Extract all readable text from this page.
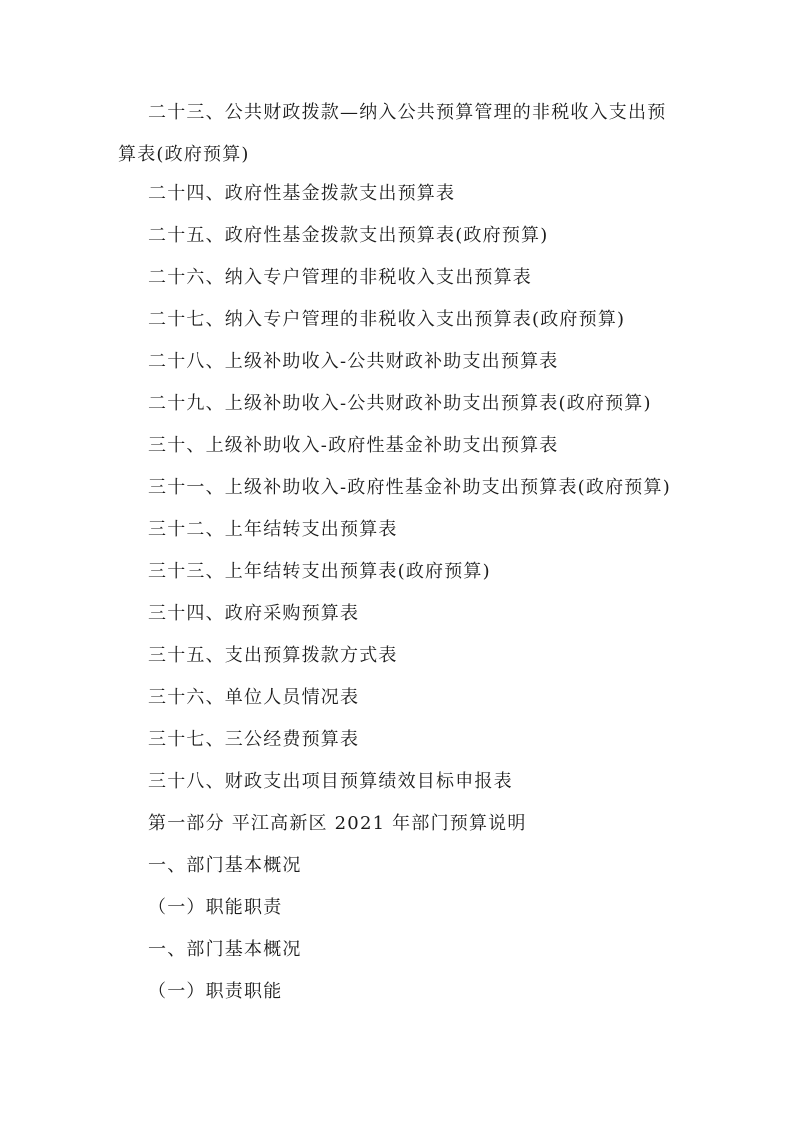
二十三、公共财政拨款—纳入公共预算管理的非税收入支出预算表(政府预算)
二十四、政府性基金拨款支出预算表
二十五、政府性基金拨款支出预算表(政府预算)
二十六、纳入专户管理的非税收入支出预算表
二十七、纳入专户管理的非税收入支出预算表(政府预算)
二十八、上级补助收入-公共财政补助支出预算表
二十九、上级补助收入-公共财政补助支出预算表(政府预算)
三十、上级补助收入-政府性基金补助支出预算表
三十一、上级补助收入-政府性基金补助支出预算表(政府预算)
三十二、上年结转支出预算表
三十三、上年结转支出预算表(政府预算)
三十四、政府采购预算表
三十五、支出预算拨款方式表
三十六、单位人员情况表
三十七、三公经费预算表
三十八、财政支出项目预算绩效目标申报表
第一部分 平江高新区 2021 年部门预算说明
一、部门基本概况
（一）职能职责
一、部门基本概况
（一）职责职能
